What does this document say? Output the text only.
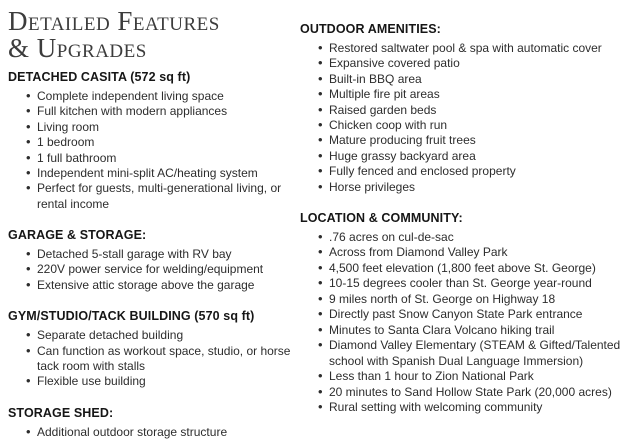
Detailed Features
& Upgrades
DETACHED CASITA (572 sq ft)
• Complete independent living space
• Full kitchen with modern appliances
• Living room
• 1 bedroom
• 1 full bathroom
• Independent mini-split AC/heating system
• Perfect for guests, multi-generational living, or rental income
GARAGE & STORAGE:
• Detached 5-stall garage with RV bay
• 220V power service for welding/equipment
• Extensive attic storage above the garage
GYM/STUDIO/TACK BUILDING (570 sq ft)
• Separate detached building
• Can function as workout space, studio, or horse tack room with stalls
• Flexible use building
STORAGE SHED:
• Additional outdoor storage structure
OUTDOOR AMENITIES:
• Restored saltwater pool & spa with automatic cover
• Expansive covered patio
• Built-in BBQ area
• Multiple fire pit areas
• Raised garden beds
• Chicken coop with run
• Mature producing fruit trees
• Huge grassy backyard area
• Fully fenced and enclosed property
• Horse privileges
LOCATION & COMMUNITY:
• .76 acres on cul-de-sac
• Across from Diamond Valley Park
• 4,500 feet elevation (1,800 feet above St. George)
• 10-15 degrees cooler than St. George year-round
• 9 miles north of St. George on Highway 18
• Directly past Snow Canyon State Park entrance
• Minutes to Santa Clara Volcano hiking trail
• Diamond Valley Elementary (STEAM & Gifted/Talented school with Spanish Dual Language Immersion)
• Less than 1 hour to Zion National Park
• 20 minutes to Sand Hollow State Park (20,000 acres)
• Rural setting with welcoming community
